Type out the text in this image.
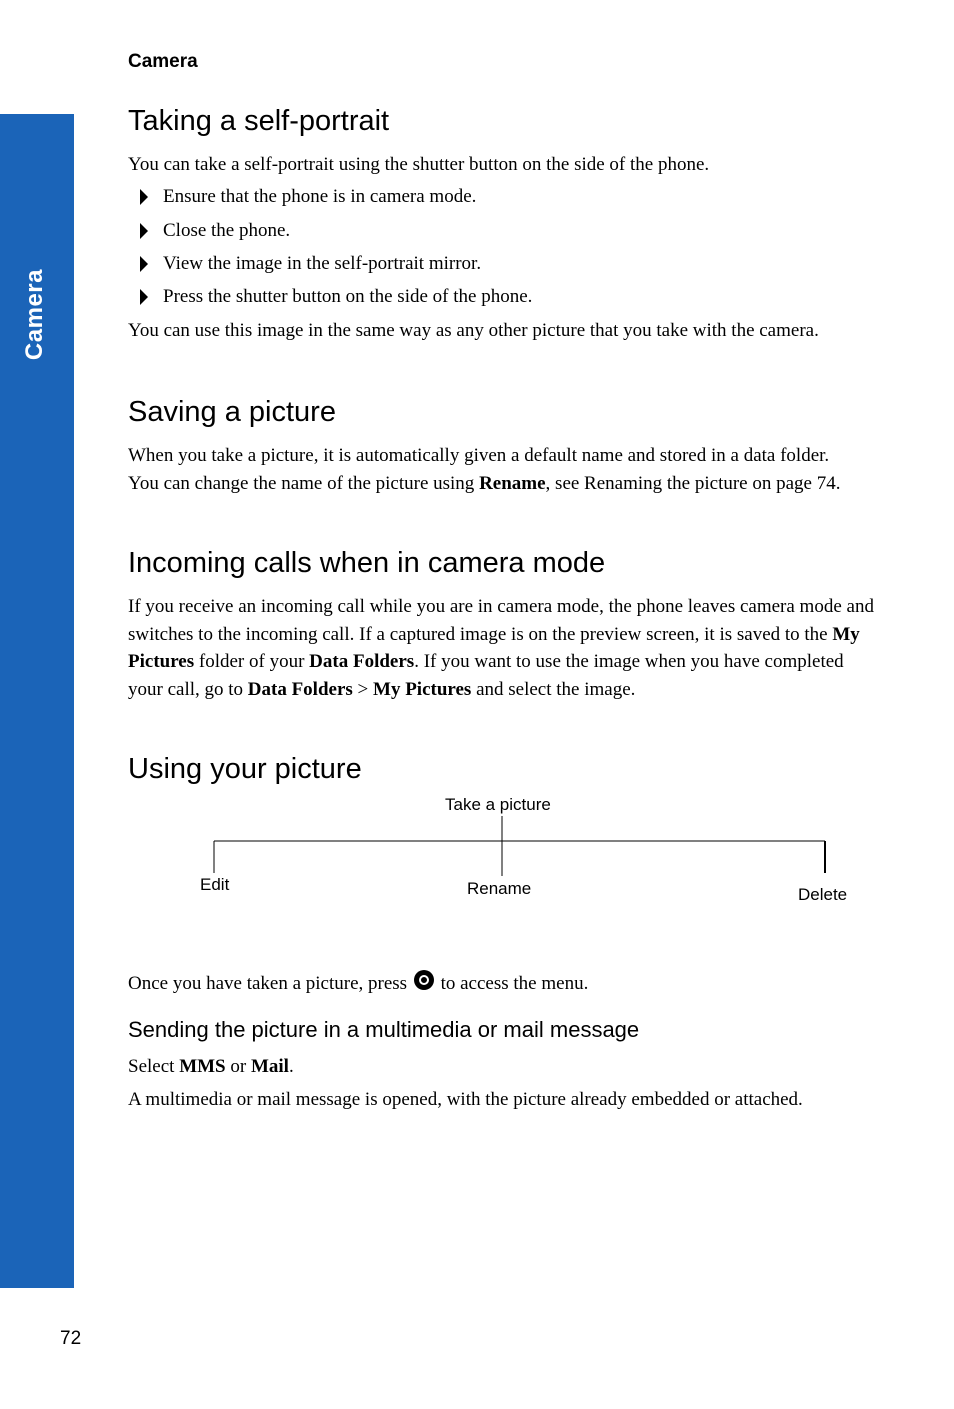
Camera
Camera
Taking a self-portrait

You can take a self-portrait using the shutter button on the side of the phone.

Ensure that the phone is in camera mode.
Close the phone.
View the image in the self-portrait mirror.
Press the shutter button on the side of the phone.

You can use this image in the same way as any other picture that you take with the camera.

Saving a picture

When you take a picture, it is automatically given a default name and stored in a data folder. You can change the name of the picture using Rename, see Renaming the picture on page 74.

Incoming calls when in camera mode

If you receive an incoming call while you are in camera mode, the phone leaves camera mode and switches to the incoming call. If a captured image is on the preview screen, it is saved to the My Pictures folder of your Data Folders. If you want to use the image when you have completed your call, go to Data Folders > My Pictures and select the image.

Using your picture
Take a picture
Edit	Rename	Delete

Once you have taken a picture, press  to access the menu.

Sending the picture in a multimedia or mail message

Select MMS or Mail.

A multimedia or mail message is opened, with the picture already embedded or attached.

72
